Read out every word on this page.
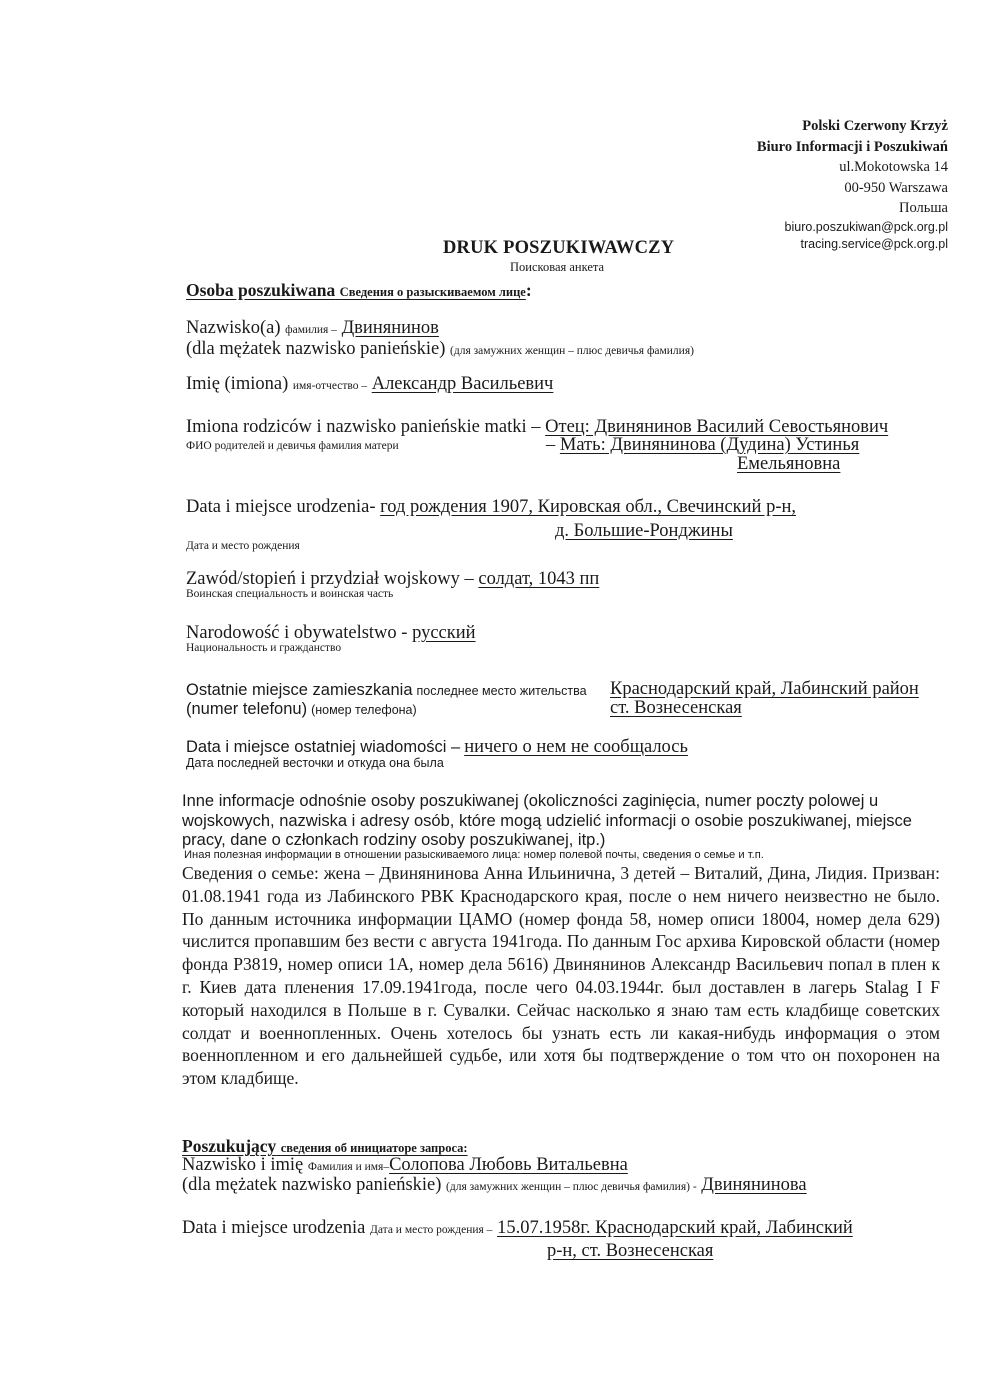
Polski Czerwony Krzyż
Biuro Informacji i Poszukiwań
ul.Mokotowska 14
00-950 Warszawa
Польша
biuro.poszukiwan@pck.org.pl
tracing.service@pck.org.pl
DRUK POSZUKIWAWCZY
Поисковая анкета
Osoba poszukiwana Сведения о разыскиваемом лице:
Nazwisko(a) фамилия – Двинянинов
(dla mężatek nazwisko panieńskie) (для замужних женщин – плюс девичья фамилия)
Imię (imiona) имя-отчество – Александр Васильевич
Imiona rodziców i nazwisko panieńskie matki – Отец: Двинянинов Василий Севостьянович
ФИО родителей и девичья фамилия матери	– Мать: Двинянинова (Дудина) Устинья
Емельяновна
Data i miejsce urodzenia- год рождения 1907, Кировская обл., Свечинский р-н,
д. Большие-Ронджины
Дата и место рождения
Zawód/stopień i przydział wojskowy – солдат, 1043 пп
Воинская специальность и воинская часть
Narodowość i obywatelstwo - русский
Национальность и гражданство
Ostatnie miejsce zamieszkania последнее место жительства Краснодарский край, Лабинский район
(numer telefonu) (номер телефона)	ст. Вознесенская
Data i miejsce ostatniej wiadomości – ничего о нем не сообщалось
Дата последней весточки и откуда она была
Inne informacje odnośnie osoby poszukiwanej (okoliczności zaginięcia, numer poczty polowej u wojskowych, nazwiska i adresy osób, które mogą udzielić informacji o osobie poszukiwanej, miejsce pracy, dane o członkach rodziny osoby poszukiwanej, itp.)
Иная полезная информации в отношении разыскиваемого лица: номер полевой почты, сведения о семье и т.п.
Сведения о семье: жена – Двинянинова Анна Ильинична, 3 детей – Виталий, Дина, Лидия. Призван: 01.08.1941 года из Лабинского РВК Краснодарского края, после о нем ничего неизвестно не было. По данным источника информации ЦАМО (номер фонда 58, номер описи 18004, номер дела 629) числится пропавшим без вести с августа 1941года. По данным Гос архива Кировской области (номер фонда Р3819, номер описи 1А, номер дела 5616) Двинянинов Александр Васильевич попал в плен к г. Киев дата пленения 17.09.1941года, после чего 04.03.1944г. был доставлен в лагерь Stalag I F который находился в Польше в г. Сувалки. Сейчас насколько я знаю там есть кладбище советских солдат и военнопленных. Очень хотелось бы узнать есть ли какая-нибудь информация о этом военнопленном и его дальнейшей судьбе, или хотя бы подтверждение о том что он похоронен на этом кладбище.
Poszukujący сведения об инициаторе запроса:
Nazwisko i imię Фамилия и имя–Солопова Любовь Витальевна
(dla mężatek nazwisko panieńskie) (для замужних женщин – плюс девичья фамилия) - Двинянинова
Data i miejsce urodzenia Дата и место рождения – 15.07.1958г. Краснодарский край, Лабинский
р-н, ст. Вознесенская
